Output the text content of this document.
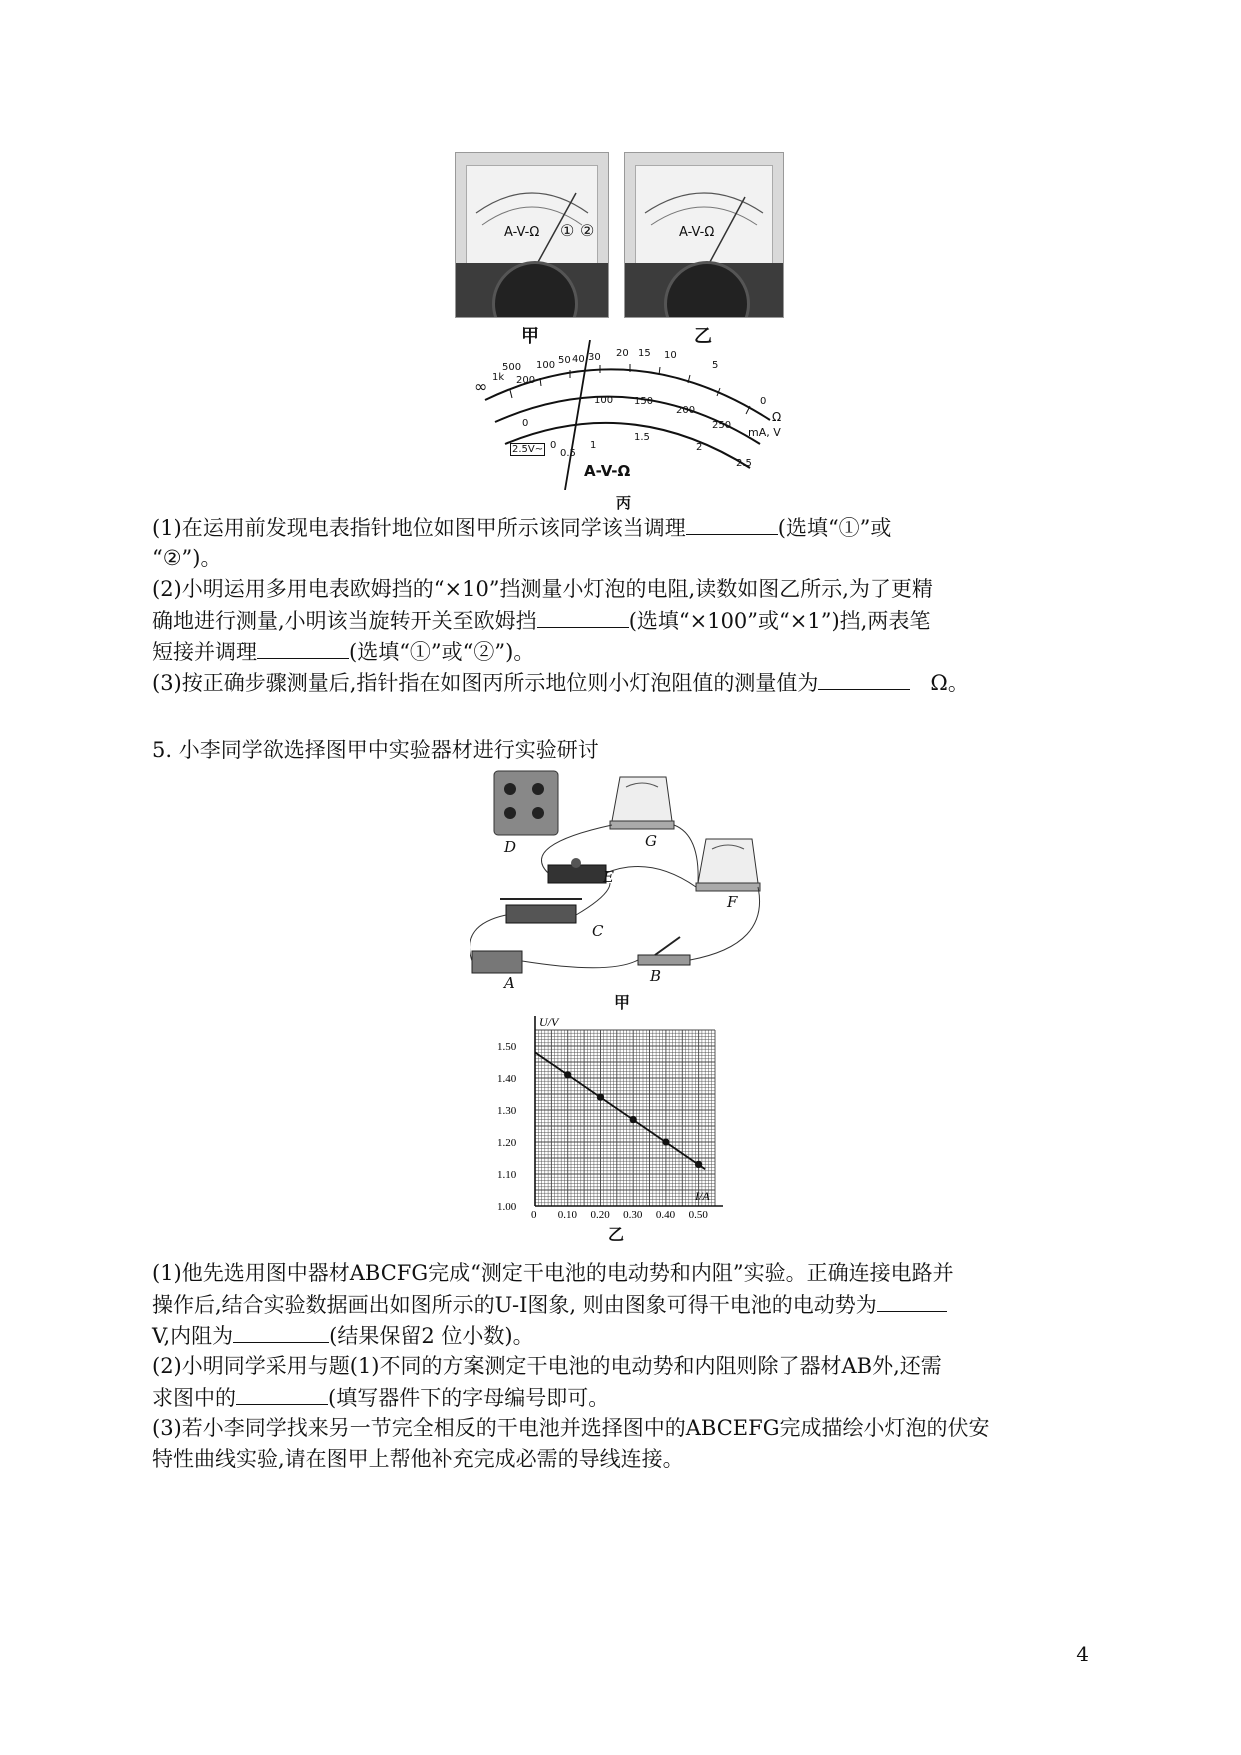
A-V-Ω ① ②
甲
A-V-Ω
乙
∞ 1k
500
200
100 50 40 30 20 15 10
5
0
0
100 150
200
250
2.5V~ 0
0.5
1
1.5
2
2.5
Ω
mA, V
A-V-Ω
丙
(1)在运用前发现电表指针地位如图甲所示该同学该当调理	(选填“①”或
“②”)。
(2)小明运用多用电表欧姆挡的“×10”挡测量小灯泡的电阻,读数如图乙所示,为了更精
确地进行测量,小明该当旋转开关至欧姆挡	(选填“×100”或“×1”)挡,两表笔
短接并调理	(选填“①”或“②”)。
(3)按正确步骤测量后,指针指在如图丙所示地位则小灯泡阻值的测量值为	Ω。
5. 小李同学欲选择图甲中实验器材进行实验研讨
D	G
E
F
C
A	B
甲
0 0.10 0.20 0.30 0.40 0.50
1.00
1.10
1.20
1.30
1.40
1.50
U/V
I/A
乙
(1)他先选用图中器材ABCFG完成“测定干电池的电动势和内阻”实验。正确连接电路并
操作后,结合实验数据画出如图所示的U-I图象, 则由图象可得干电池的电动势为
V,内阻为	(结果保留2 位小数)。
(2)小明同学采用与题(1)不同的方案测定干电池的电动势和内阻则除了器材AB外,还需
求图中的	(填写器件下的字母编号即可。
(3)若小李同学找来另一节完全相反的干电池并选择图中的ABCEFG完成描绘小灯泡的伏安
特性曲线实验,请在图甲上帮他补充完成必需的导线连接。
4
